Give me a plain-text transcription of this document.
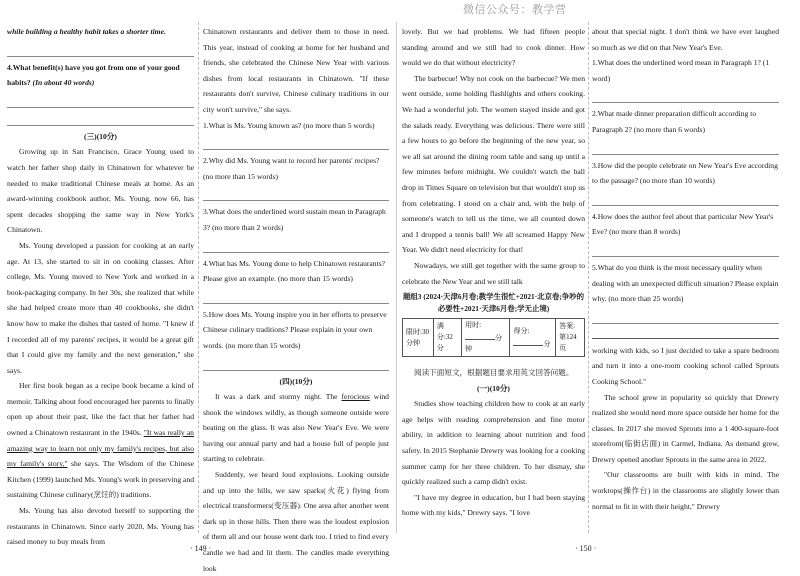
微信公众号：教学营

while building a healthy habit takes a shorter time.

4.What benefit(s) have you got from one of your good habits? (In about 40 words)

(三)(10分)

Growing up in San Francisco, Grace Young used to watch her father shop daily in Chinatown for whatever he needed to make traditional Chinese meals at home. As an award-winning cookbook author, Ms. Young, now 66, has spent decades shopping the same way in New York's Chinatown.

Ms. Young developed a passion for cooking at an early age. At 13, she started to sit in on cooking classes. After college, Ms. Young moved to New York and worked in a book-packaging company. In her 30s, she realized that while she had helped create more than 40 cookbooks, she didn't know how to make the dishes that tasted of home. "I knew if I recorded all of my parents' recipes, it would be a great gift that I could give my family and the next generation," she says.

Her first book began as a recipe book became a kind of memoir. Talking about food encouraged her parents to finally open up about their past, like the fact that her father had owned a Chinatown restaurant in the 1940s. "It was really an amazing way to learn not only my family's recipes, but also my family's story," she says. The Wisdom of the Chinese Kitchen (1999) launched Ms. Young's work in preserving and sustaining Chinese culinary(烹饪的) traditions.

Ms. Young has also devoted herself to supporting the restaurants in Chinatown. Since early 2020, Ms. Young has raised money to buy meals from

Chinatown restaurants and deliver them to those in need. This year, instead of cooking at home for her husband and friends, she celebrated the Chinese New Year with various dishes from local restaurants in Chinatown. "If these restaurants don't survive, Chinese culinary traditions in our city won't survive," she says.

1.What is Ms. Young known as? (no more than 5 words)

2.Why did Ms. Young want to record her parents' recipes? (no more than 15 words)

3.What does the underlined word sustain mean in Paragraph 3? (no more than 2 words)

4.What has Ms. Young done to help Chinatown restaurants? Please give an example. (no more than 15 words)

5.How does Ms. Young inspire you in her efforts to preserve Chinese culinary traditions? Please explain in your own words. (no more than 15 words)

(四)(10分)

It was a dark and stormy night. The ferocious wind shook the windows wildly, as though someone outside were beating on the glass. It was also New Year's Eve. We were having our annual party and had a house full of people just starting to celebrate.

Suddenly, we heard loud explosions. Looking outside and up into the hills, we saw sparks(火花) flying from electrical transformers(变压器). One area after another went dark up in those hills. Then there was the loudest explosion of them all and our house went dark too. I tried to find every candle we had and lit them. The candles made everything look

lovely. But we had problems. We had fifteen people standing around and we still had to cook dinner. How would we do that without electricity?

The barbecue! Why not cook on the barbecue? We men went outside, some holding flashlights and others cooking. We had a wonderful job. The women stayed inside and got the salads ready. Everything was delicious. There were still a few hours to go before the beginning of the new year, so we all sat around the dining room table and sang up until a few minutes before midnight. We couldn't watch the ball drop in Times Square on television but that wouldn't stop us from celebrating. I stood on a chair and, with the help of someone's watch to tell us the time, we all counted down and I dropped a tennis ball! We all screamed Happy New Year. We didn't need electricity for that!

Nowadays, we still get together with the same group to celebrate the New Year and we still talk

题组3 (2024·天津6月卷;教学生很忙+2021·北京卷;争吵的必要性+2021·天津6月卷;学无止境)

限时:30分钟	满分:32分	用时:分钟	得分:分	答案:第124页

阅读下面短文，根据题目要求用英文回答问题。

(一)(10分)

Studies show teaching children how to cook at an early age helps with reading comprehension and fine motor ability, in addition to learning about nutrition and food safety. In 2015 Stephanie Drewry was looking for a cooking summer camp for her three children. To her dismay, she quickly realized such a camp didn't exist.

"I have my degree in education, but I had been staying home with my kids," Drewry says. "I love

about that special night. I don't think we have ever laughed so much as we did on that New Year's Eve.

1.What does the underlined word mean in Paragraph 1? (1 word)

2.What made dinner preparation difficult according to Paragraph 2? (no more than 6 words)

3.How did the people celebrate on New Year's Eve according to the passage? (no more than 10 words)

4.How does the author feel about that particular New Year's Eve? (no more than 8 words)

5.What do you think is the most necessary quality when dealing with an unexpected difficult situation? Please explain why. (no more than 25 words)

working with kids, so I just decided to take a spare bedroom and turn it into a one-room cooking school called Sprouts Cooking School."

The school grew in popularity so quickly that Drewry realized she would need more space outside her home for the classes. In 2017 she moved Sprouts into a 1 400-square-foot storefront(临街店面) in Carmel, Indiana. As demand grew, Drewry opened another Sprouts in the same area in 2022.

"Our classrooms are built with kids in mind. The worktops(操作台) in the classrooms are slightly lower than normal to fit in with their height," Drewry

· 149 ·	· 150 ·
